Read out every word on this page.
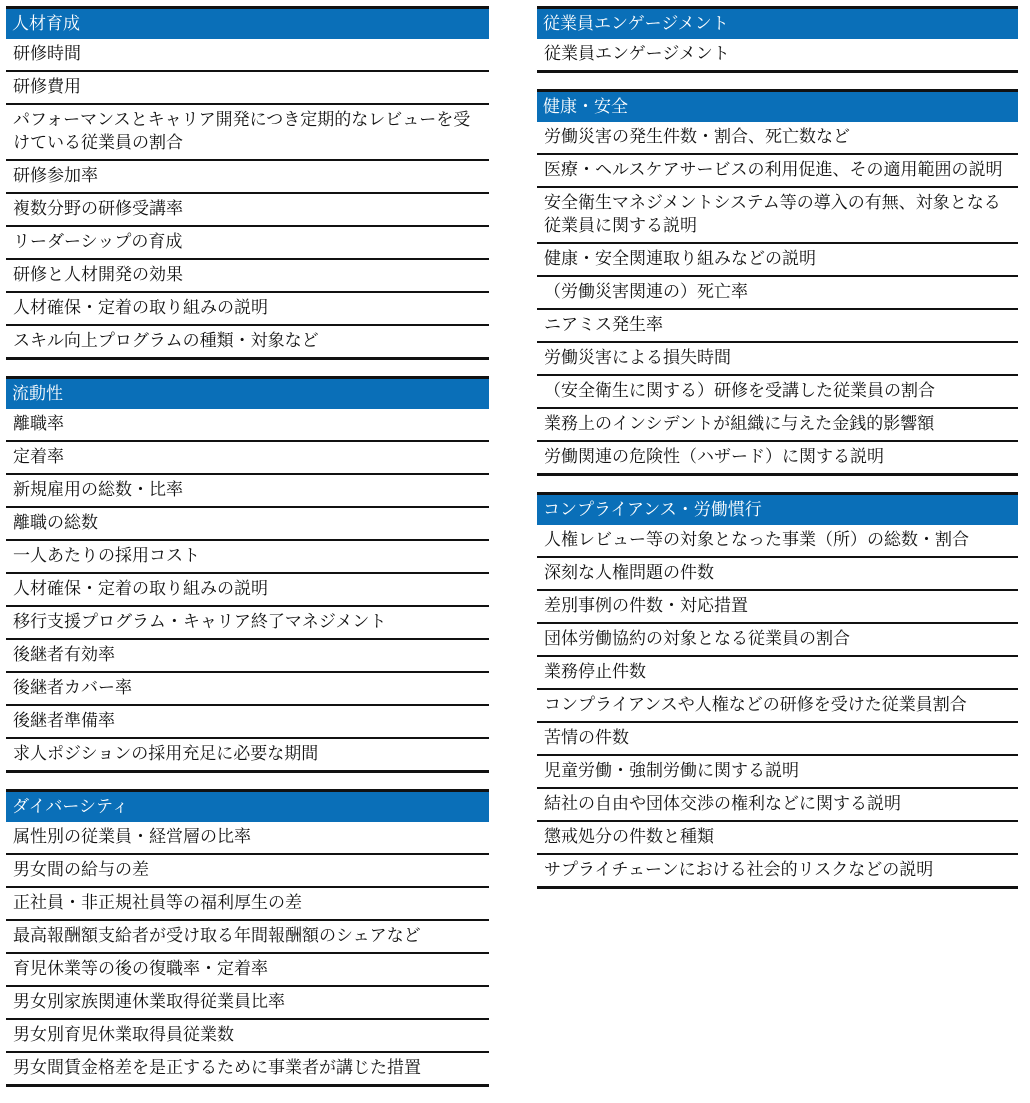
人材育成
研修時間
研修費用
パフォーマンスとキャリア開発につき定期的なレビューを受けている従業員の割合
研修参加率
複数分野の研修受講率
リーダーシップの育成
研修と人材開発の効果
人材確保・定着の取り組みの説明
スキル向上プログラムの種類・対象など
流動性
離職率
定着率
新規雇用の総数・比率
離職の総数
一人あたりの採用コスト
人材確保・定着の取り組みの説明
移行支援プログラム・キャリア終了マネジメント
後継者有効率
後継者カバー率
後継者準備率
求人ポジションの採用充足に必要な期間
ダイバーシティ
属性別の従業員・経営層の比率
男女間の給与の差
正社員・非正規社員等の福利厚生の差
最高報酬額支給者が受け取る年間報酬額のシェアなど
育児休業等の後の復職率・定着率
男女別家族関連休業取得従業員比率
男女別育児休業取得員従業数
男女間賃金格差を是正するために事業者が講じた措置
従業員エンゲージメント
従業員エンゲージメント
健康・安全
労働災害の発生件数・割合、死亡数など
医療・ヘルスケアサービスの利用促進、その適用範囲の説明
安全衛生マネジメントシステム等の導入の有無、対象となる従業員に関する説明
健康・安全関連取り組みなどの説明
（労働災害関連の）死亡率
ニアミス発生率
労働災害による損失時間
（安全衛生に関する）研修を受講した従業員の割合
業務上のインシデントが組織に与えた金銭的影響額
労働関連の危険性（ハザード）に関する説明
コンプライアンス・労働慣行
人権レビュー等の対象となった事業（所）の総数・割合
深刻な人権問題の件数
差別事例の件数・対応措置
団体労働協約の対象となる従業員の割合
業務停止件数
コンプライアンスや人権などの研修を受けた従業員割合
苦情の件数
児童労働・強制労働に関する説明
結社の自由や団体交渉の権利などに関する説明
懲戒処分の件数と種類
サプライチェーンにおける社会的リスクなどの説明
